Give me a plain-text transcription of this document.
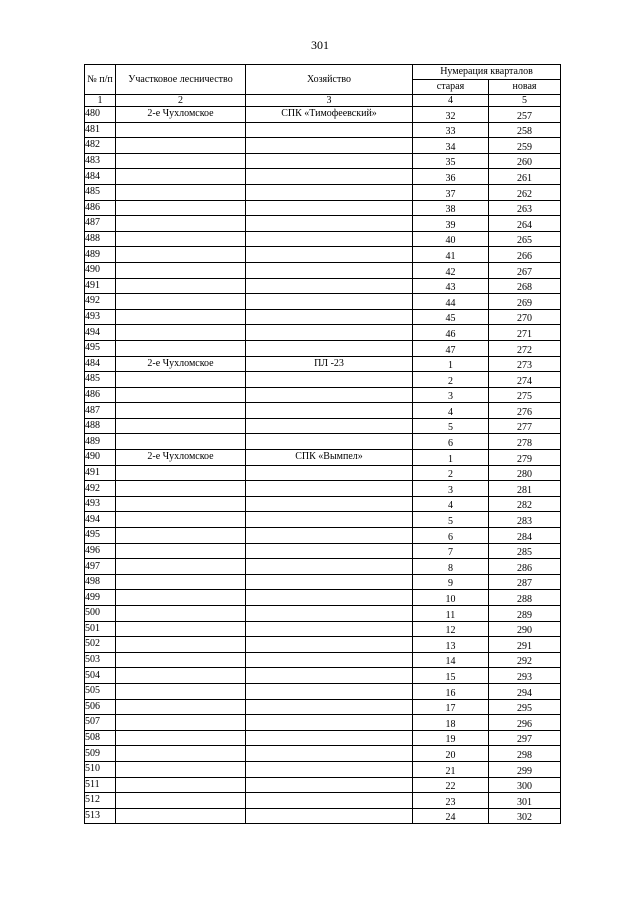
301
№ п/п	Участковое лесничество	Хозяйство	Нумерация кварталов	
			старая	новая
1	2	3	4	5
480	2-е Чухломское	СПК «Тимофеевский»	32	257
481			33	258
482			34	259
483			35	260
484			36	261
485			37	262
486			38	263
487			39	264
488			40	265
489			41	266
490			42	267
491			43	268
492			44	269
493			45	270
494			46	271
495			47	272
484	2-е Чухломское	ПЛ -23	1	273
485			2	274
486			3	275
487			4	276
488			5	277
489			6	278
490	2-е Чухломское	СПК «Вымпел»	1	279
491			2	280
492			3	281
493			4	282
494			5	283
495			6	284
496			7	285
497			8	286
498			9	287
499			10	288
500			11	289
501			12	290
502			13	291
503			14	292
504			15	293
505			16	294
506			17	295
507			18	296
508			19	297
509			20	298
510			21	299
511			22	300
512			23	301
513			24	302
